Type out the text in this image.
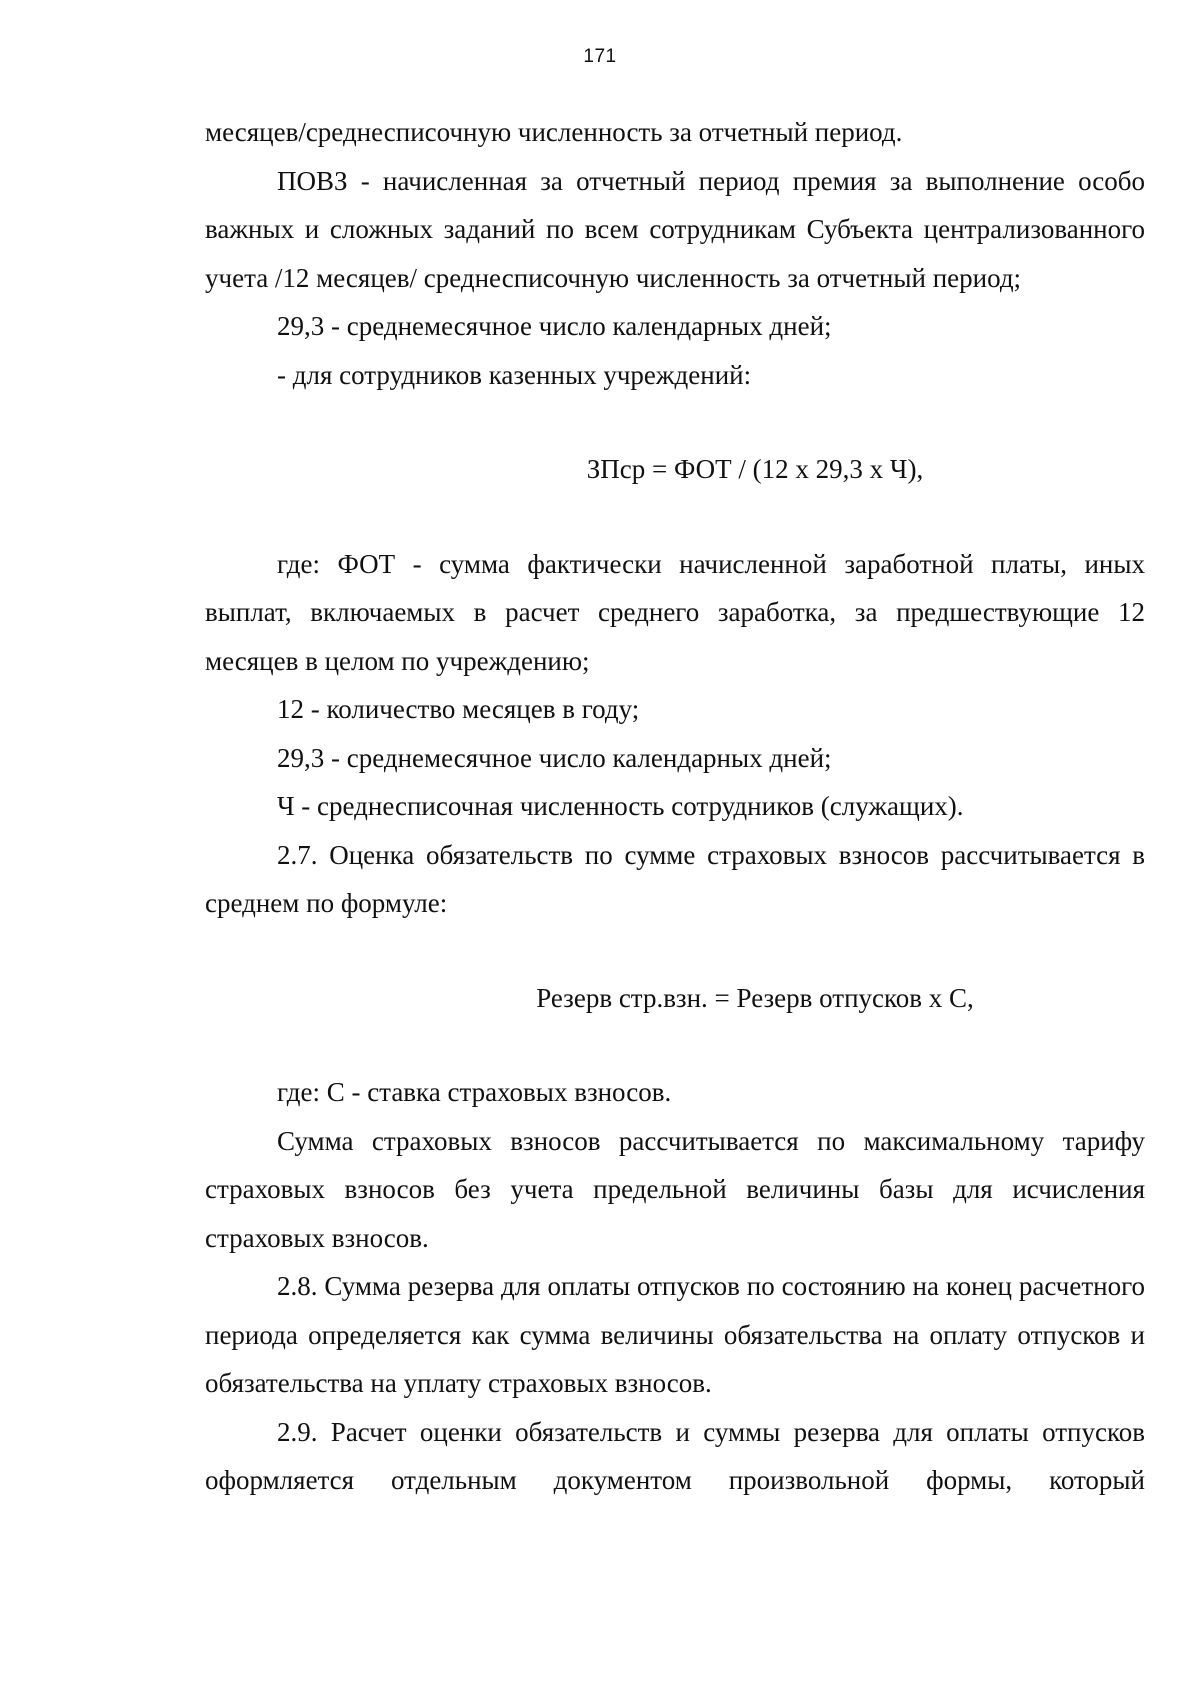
171

месяцев/среднесписочную численность за отчетный период.

ПОВЗ - начисленная за отчетный период премия за выполнение особо важных и сложных заданий по всем сотрудникам Субъекта централизованного учета /12 месяцев/ среднесписочную численность за отчетный период;

29,3 - среднемесячное число календарных дней;

- для сотрудников казенных учреждений:

ЗПср = ФОТ / (12 х 29,3 х Ч),

где: ФОТ - сумма фактически начисленной заработной платы, иных выплат, включаемых в расчет среднего заработка, за предшествующие 12 месяцев в целом по учреждению;

12 - количество месяцев в году;

29,3 - среднемесячное число календарных дней;

Ч - среднесписочная численность сотрудников (служащих).

2.7. Оценка обязательств по сумме страховых взносов рассчитывается в среднем по формуле:

Резерв стр.взн. = Резерв отпусков х С,

где: С - ставка страховых взносов.

Сумма страховых взносов рассчитывается по максимальному тарифу страховых взносов без учета предельной величины базы для исчисления страховых взносов.

2.8. Сумма резерва для оплаты отпусков по состоянию на конец расчетного периода определяется как сумма величины обязательства на оплату отпусков и обязательства на уплату страховых взносов.

2.9. Расчет оценки обязательств и суммы резерва для оплаты отпусков оформляется отдельным документом произвольной формы, который
